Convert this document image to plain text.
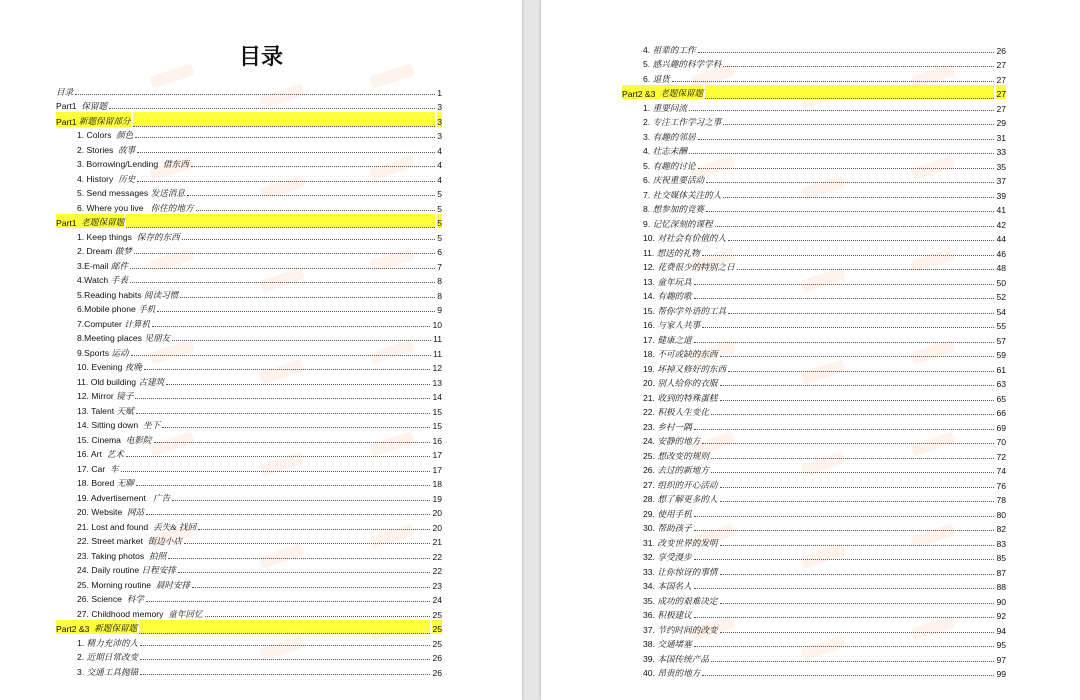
目录
目录	1
Part1  保留题	3
Part1 新题保留部分	3
1. Colors  颜色	3
2. Stories  故事	4
3. Borrowing/Lending  借东西	4
4. History  历史	4
5. Send messages 发送消息	5
6. Where you live   你住的地方	5
Part1 老题保留题	5
1. Keep things  保存的东西	5
2. Dream 做梦	6
3.E-mail 邮件	7
4.Watch 手表	8
5.Reading habits 阅读习惯	8
6.Mobile phone 手机	9
7.Computer 计算机	10
8.Meeting places 见朋友	11
9.Sports 运动	11
10. Evening 夜晚	12
11. Old building 古建筑	13
12. Mirror 镜子	14
13. Talent 天赋	15
14. Sitting down  坐下	15
15. Cinema  电影院	16
16. Art  艺术	17
17. Car  车	17
18. Bored 无聊	18
19. Advertisement   广告	19
20. Website  网站	20
21. Lost and found  丢失& 找回	20
22. Street market  街边小店	21
23. Taking photos  拍照	22
24. Daily routine 日程安排	22
25. Morning routine  晨时安排	23
26. Science  科学	24
27. Childhood memory  童年回忆	25
Part2 &3 新题保留题	25
1. 精力充沛的人	25
2. 近期日常改变	26
3. 交通工具抛锚	26
4. 祖辈的工作	26
5. 感兴趣的科学学科	27
6. 退货	27
Part2 &3 老题保留题	27
1. 重要问流	27
2. 专注工作学习之事	29
3. 有趣的邻居	31
4. 壮志未酬	33
5. 有趣的讨论	35
6. 庆祝重要活动	37
7. 社交媒体关注的人	39
8. 想参加的竞赛	41
9. 记忆深刻的课程	42
10. 对社会有价值的人	44
11. 想送的礼物	46
12. 花费很少的特别之日	48
13. 童年玩具	50
14. 有趣的歌	52
15. 帮你学外语的工具	54
16. 与家人共事	55
17. 健康之道	57
18. 不可或缺的东西	59
19. 坏掉又修好的东西	61
20. 别人给你的衣服	63
21. 收到的特殊蛋糕	65
22. 积极人生变化	66
23. 乡村一隅	69
24. 安静的地方	70
25. 想改变的规则	72
26. 去过的新地方	74
27. 组织的开心活动	76
28. 想了解更多的人	78
29. 使用手机	80
30. 帮助孩子	82
31. 改变世界的发明	83
32. 享受漫步	85
33. 让你惊讶的事情	87
34. 本国名人	88
35. 成功的艰难决定	90
36. 积极建议	92
37. 节约时间的改变	94
38. 交通堵塞	95
39. 本国传统产品	97
40. 昂贵的地方	99
